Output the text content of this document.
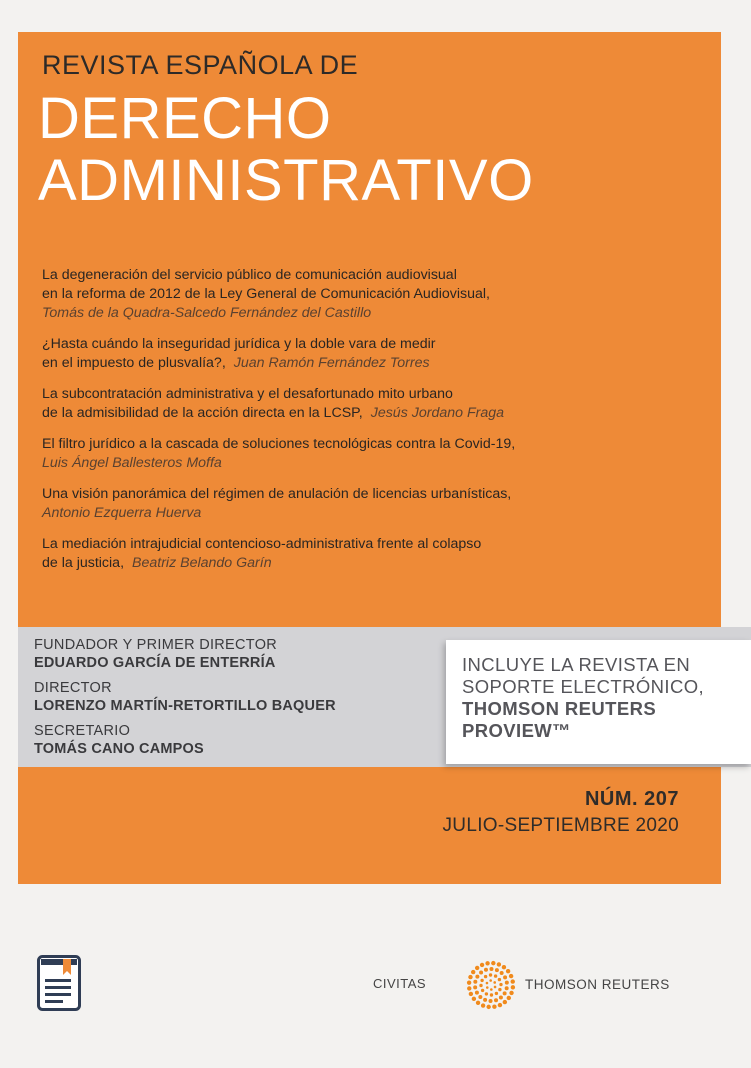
REVISTA ESPAÑOLA DE
DERECHO
ADMINISTRATIVO
La degeneración del servicio público de comunicación audiovisual
en la reforma de 2012 de la Ley General de Comunicación Audiovisual,
Tomás de la Quadra-Salcedo Fernández del Castillo
¿Hasta cuándo la inseguridad jurídica y la doble vara de medir
en el impuesto de plusvalía?, Juan Ramón Fernández Torres
La subcontratación administrativa y el desafortunado mito urbano
de la admisibilidad de la acción directa en la LCSP, Jesús Jordano Fraga
El filtro jurídico a la cascada de soluciones tecnológicas contra la Covid-19,
Luis Ángel Ballesteros Moffa
Una visión panorámica del régimen de anulación de licencias urbanísticas,
Antonio Ezquerra Huerva
La mediación intrajudicial contencioso-administrativa frente al colapso
de la justicia, Beatriz Belando Garín
FUNDADOR Y PRIMER DIRECTOR
EDUARDO GARCÍA DE ENTERRÍA
DIRECTOR
LORENZO MARTÍN-RETORTILLO BAQUER
SECRETARIO
TOMÁS CANO CAMPOS
INCLUYE LA REVISTA EN
SOPORTE ELECTRÓNICO,
THOMSON REUTERS
PROVIEW™

NÚM. 207

JULIO-SEPTIEMBRE 2020

CIVITAS	THOMSON REUTERS
